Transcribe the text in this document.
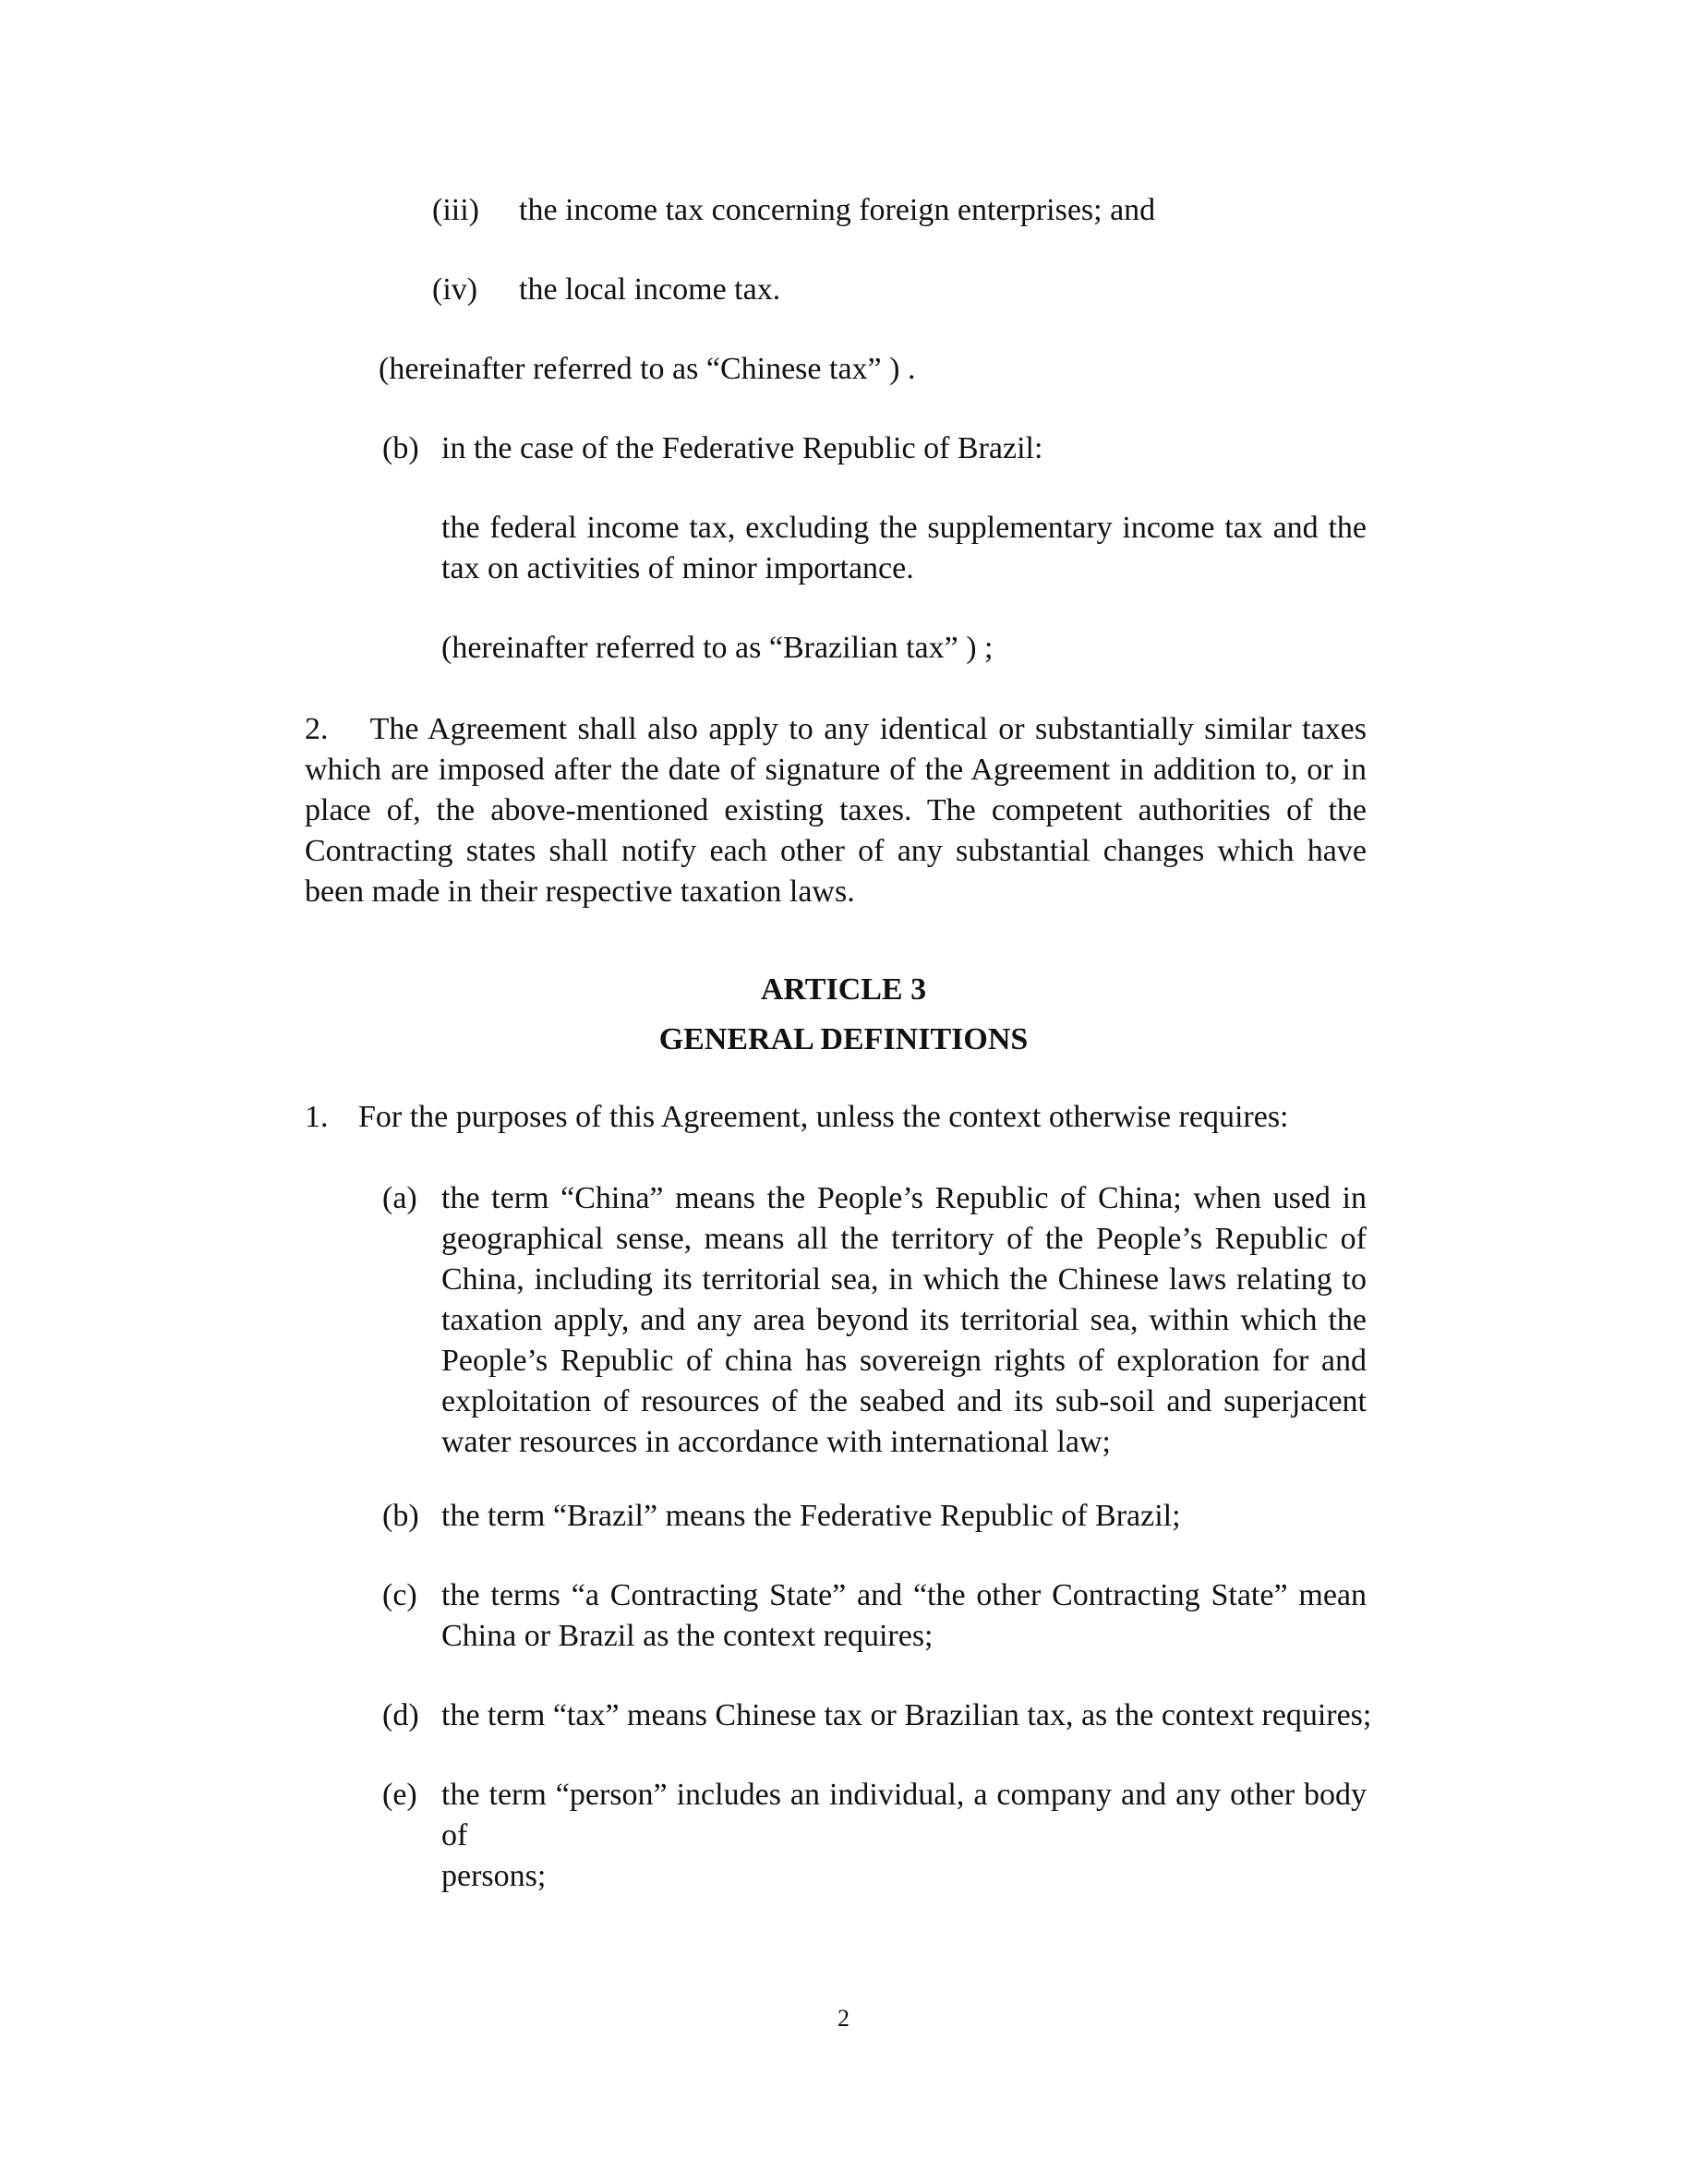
(iii) the income tax concerning foreign enterprises; and
(iv) the local income tax.
(hereinafter referred to as “Chinese tax” ) .
(b) in the case of the Federative Republic of Brazil:
the federal income tax, excluding the supplementary income tax and the
tax on activities of minor importance.
(hereinafter referred to as “Brazilian tax” ) ;
2.    The Agreement shall also apply to any identical or substantially similar taxes
which are imposed after the date of signature of the Agreement in addition to, or in
place of, the above-mentioned existing taxes. The competent authorities of the
Contracting states shall notify each other of any substantial changes which have
been made in their respective taxation laws.
ARTICLE 3
GENERAL DEFINITIONS
1. For the purposes of this Agreement, unless the context otherwise requires:
(a) the term “China” means the People’s Republic of China; when used in
geographical sense, means all the territory of the People’s Republic of
China, including its territorial sea, in which the Chinese laws relating to
taxation apply, and any area beyond its territorial sea, within which the
People’s Republic of china has sovereign rights of exploration for and
exploitation of resources of the seabed and its sub-soil and superjacent
water resources in accordance with international law;
(b) the term “Brazil” means the Federative Republic of Brazil;
(c) the terms “a Contracting State” and “the other Contracting State” mean
China or Brazil as the context requires;
(d) the term “tax” means Chinese tax or Brazilian tax, as the context requires;
(e) the term “person” includes an individual, a company and any other body of
persons;
2
